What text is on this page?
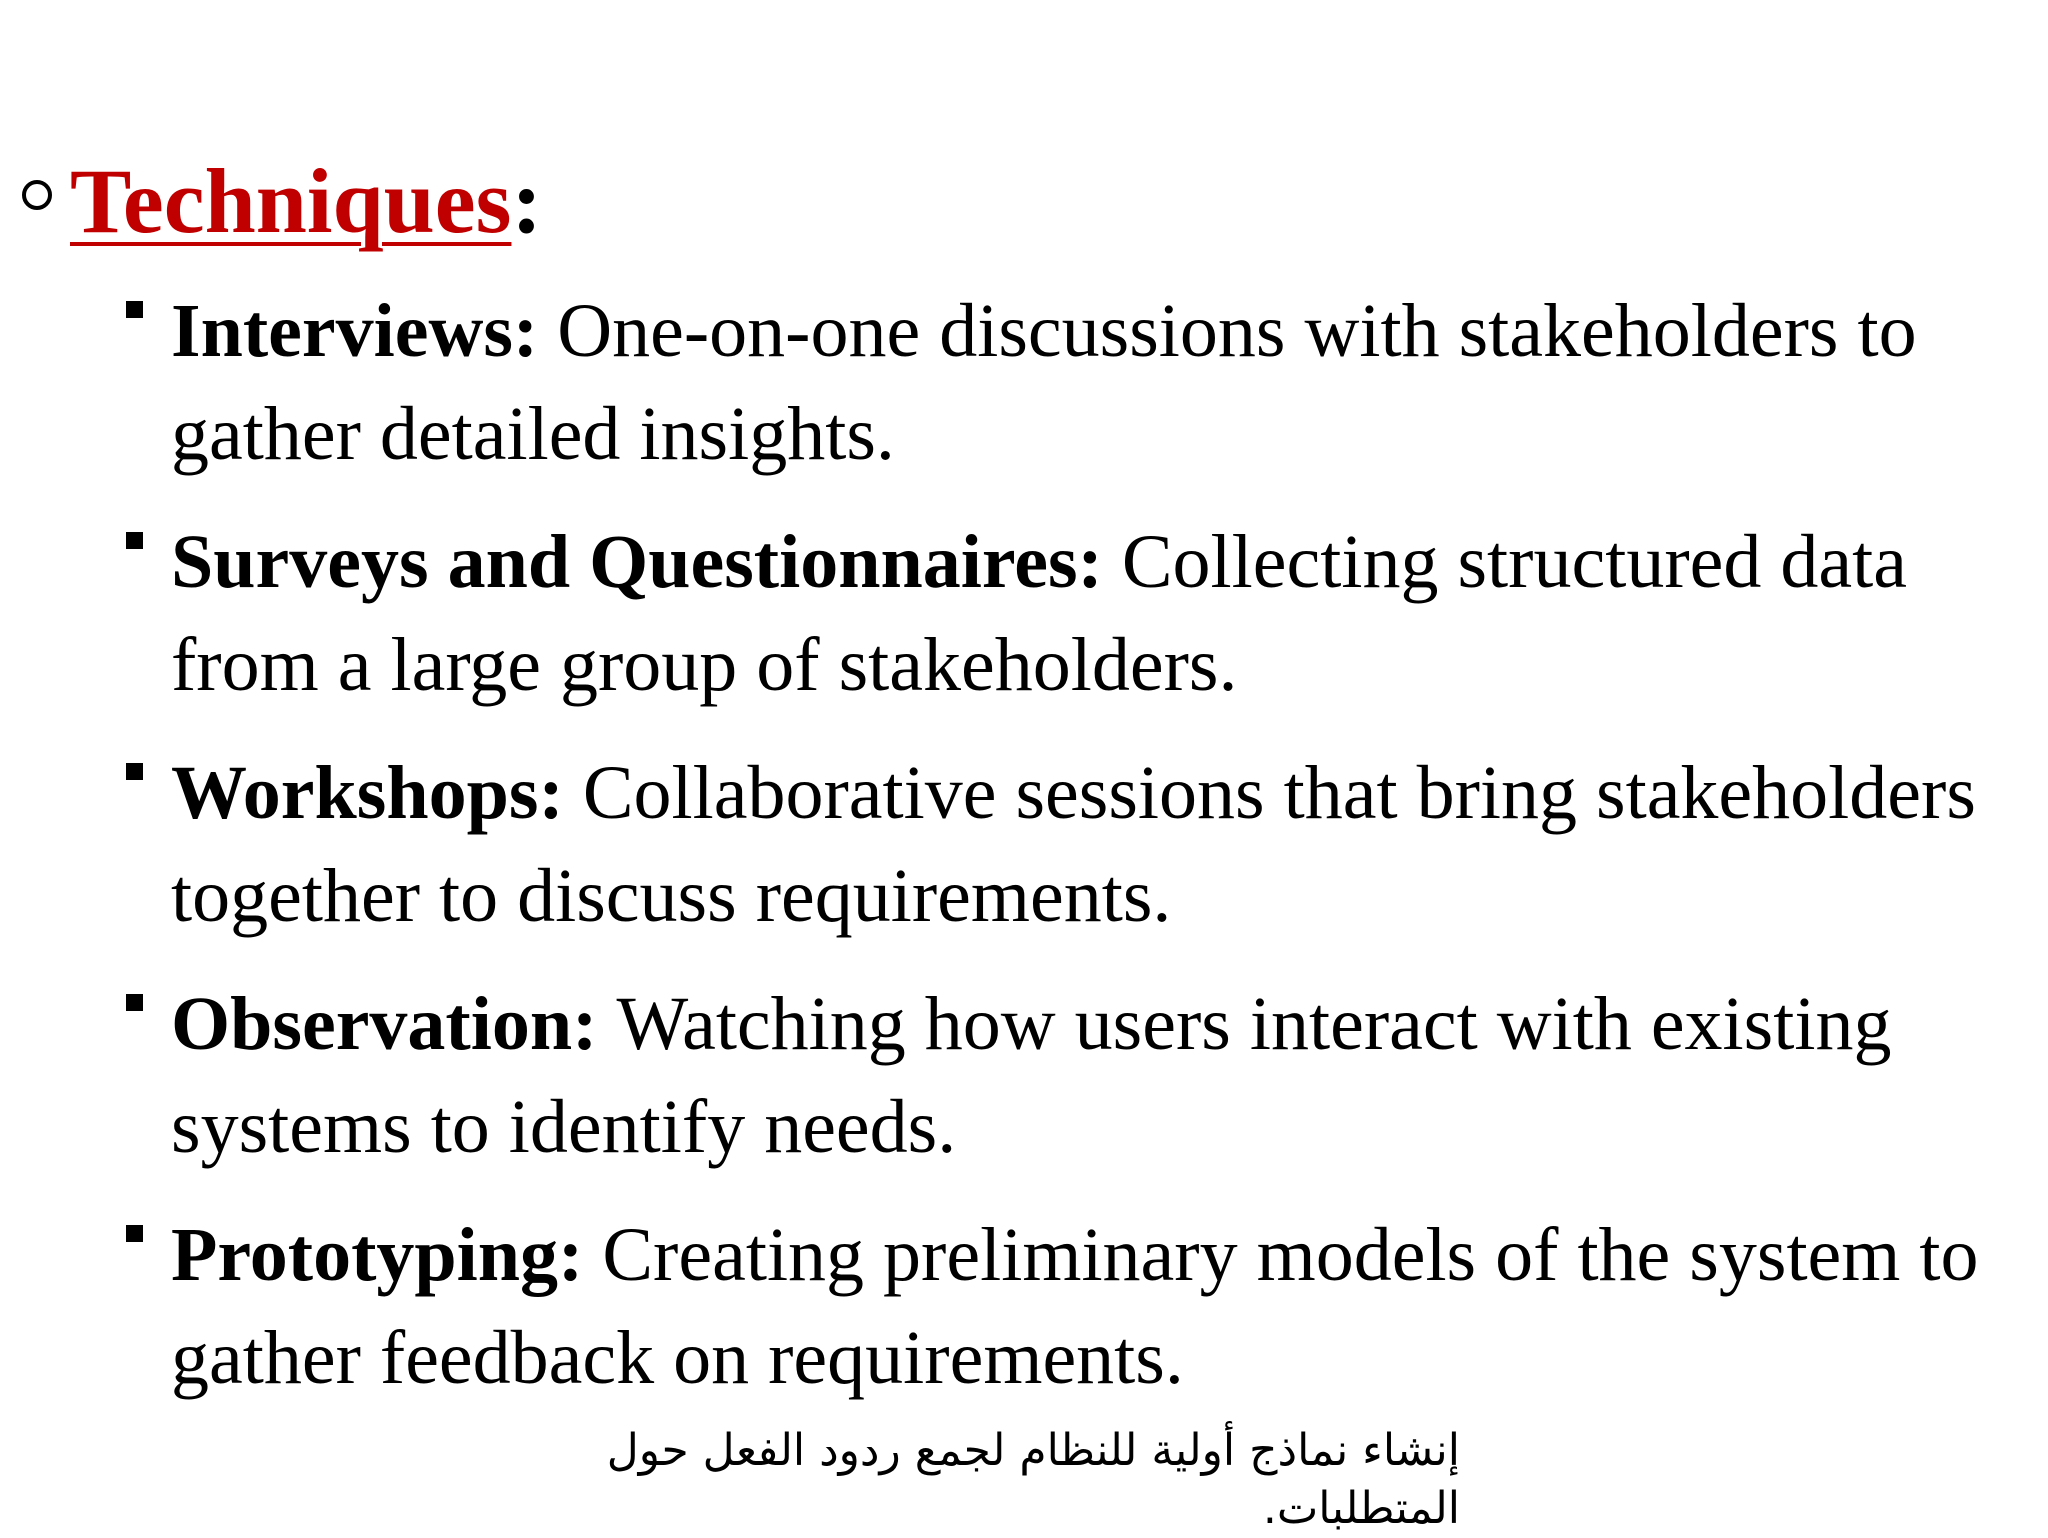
Techniques :
Interviews: One-on-one discussions with stakeholders to gather detailed insights.
Surveys and Questionnaires: Collecting structured data from a large group of stakeholders.
Workshops: Collaborative sessions that bring stakeholders together to discuss requirements.
Observation: Watching how users interact with existing systems to identify needs.
Prototyping: Creating preliminary models of the system to gather feedback on requirements.
إنشاء نماذج أولية للنظام لجمع ردود الفعل حول المتطلبات.
